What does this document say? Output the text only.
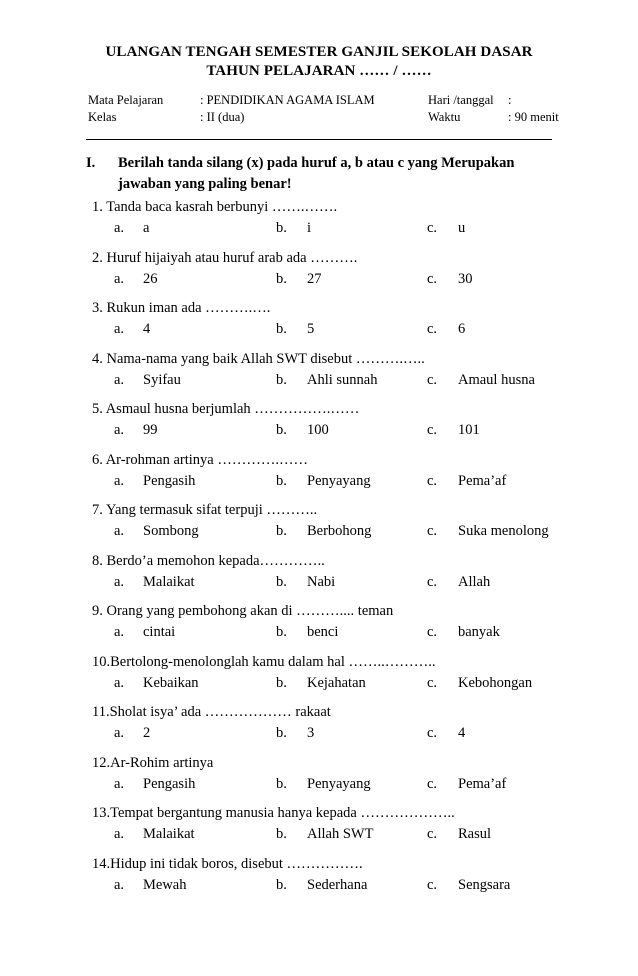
ULANGAN TENGAH SEMESTER GANJIL SEKOLAH DASAR
TAHUN PELAJARAN …… / ……
Mata Pelajaran	: PENDIDIKAN AGAMA ISLAM	Hari /tanggal :
Kelas	: II (dua)	Waktu	: 90 menit
I. Berilah tanda silang (x) pada huruf a, b atau c yang Merupakan jawaban yang paling benar!
1. Tanda baca kasrah berbunyi …….…….
a. a	b. i	c. u
2. Huruf hijaiyah atau huruf arab ada ……….
a. 26	b. 27	c. 30
3. Rukun iman ada ……….….
a. 4	b. 5	c. 6
4. Nama-nama yang baik Allah SWT disebut ……….…..
a. Syifau	b. Ahli sunnah	c. Amaul husna
5. Asmaul husna berjumlah …………….……
a. 99	b. 100	c. 101
6. Ar-rohman artinya ………….……
a. Pengasih	b. Penyayang	c. Pema’af
7. Yang termasuk sifat terpuji ………..
a. Sombong	b. Berbohong	c. Suka menolong
8. Berdo’a memohon kepada…………..
a. Malaikat	b. Nabi	c. Allah
9. Orang yang pembohong akan di ……….... teman
a. cintai	b. benci	c. banyak
10.Bertolong-menolonglah kamu dalam hal ……..………..
a. Kebaikan	b. Kejahatan	c. Kebohongan
11.Sholat isya’ ada ……………… rakaat
a. 2	b. 3	c. 4
12.Ar-Rohim artinya
a. Pengasih	b. Penyayang	c. Pema’af
13.Tempat bergantung manusia hanya kepada ………………..
a. Malaikat	b. Allah SWT	c. Rasul
14.Hidup ini tidak boros, disebut …………….
a. Mewah	b. Sederhana	c. Sengsara
